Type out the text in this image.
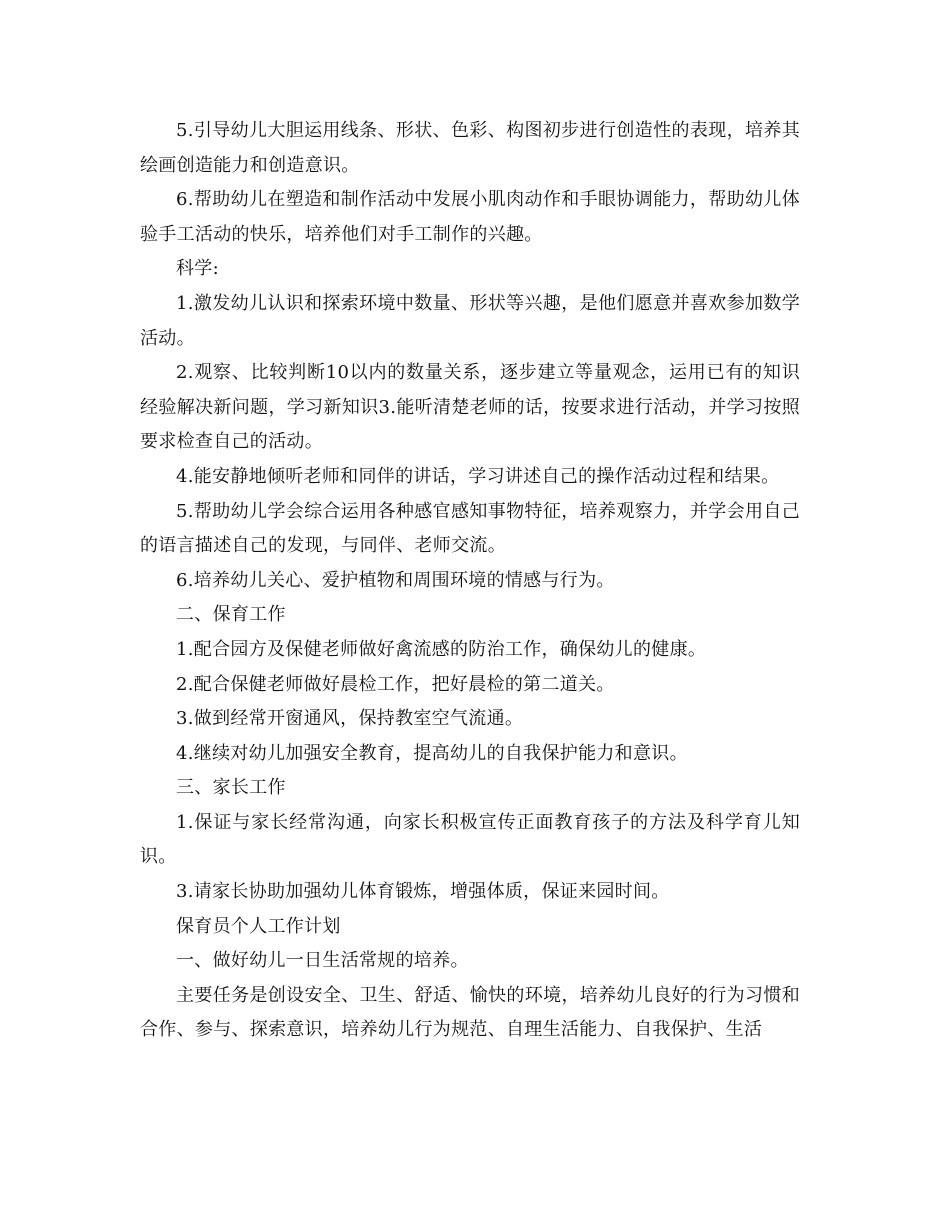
5.引导幼儿大胆运用线条、形状、色彩、构图初步进行创造性的表现，培养其绘画创造能力和创造意识。

6.帮助幼儿在塑造和制作活动中发展小肌肉动作和手眼协调能力，帮助幼儿体验手工活动的快乐，培养他们对手工制作的兴趣。

科学:

1.激发幼儿认识和探索环境中数量、形状等兴趣，是他们愿意并喜欢参加数学活动。

2.观察、比较判断10以内的数量关系，逐步建立等量观念，运用已有的知识经验解决新问题，学习新知识3.能听清楚老师的话，按要求进行活动，并学习按照要求检查自己的活动。

4.能安静地倾听老师和同伴的讲话，学习讲述自己的操作活动过程和结果。

5.帮助幼儿学会综合运用各种感官感知事物特征，培养观察力，并学会用自己的语言描述自己的发现，与同伴、老师交流。

6.培养幼儿关心、爱护植物和周围环境的情感与行为。

二、保育工作

1.配合园方及保健老师做好禽流感的防治工作，确保幼儿的健康。

2.配合保健老师做好晨检工作，把好晨检的第二道关。

3.做到经常开窗通风，保持教室空气流通。

4.继续对幼儿加强安全教育，提高幼儿的自我保护能力和意识。

三、家长工作

1.保证与家长经常沟通，向家长积极宣传正面教育孩子的方法及科学育儿知识。

3.请家长协助加强幼儿体育锻炼，增强体质，保证来园时间。

保育员个人工作计划

一、做好幼儿一日生活常规的培养。

主要任务是创设安全、卫生、舒适、愉快的环境，培养幼儿良好的行为习惯和合作、参与、探索意识，培养幼儿行为规范、自理生活能力、自我保护、生活
